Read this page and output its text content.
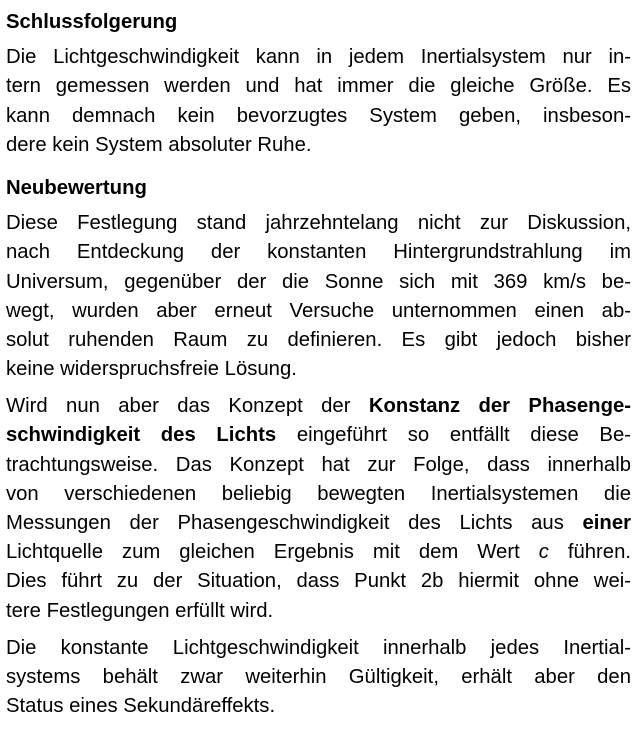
Schlussfolgerung
Die Lichtgeschwindigkeit kann in jedem Inertialsystem nur in-
tern gemessen werden und hat immer die gleiche Größe. Es
kann demnach kein bevorzugtes System geben, insbeson-
dere kein System absoluter Ruhe.
Neubewertung
Diese Festlegung stand jahrzehntelang nicht zur Diskussion,
nach Entdeckung der konstanten Hintergrundstrahlung im
Universum, gegenüber der die Sonne sich mit 369 km/s be-
wegt, wurden aber erneut Versuche unternommen einen ab-
solut ruhenden Raum zu definieren. Es gibt jedoch bisher
keine widerspruchsfreie Lösung.
Wird nun aber das Konzept der Konstanz der Phasenge-
schwindigkeit des Lichts eingeführt so entfällt diese Be-
trachtungsweise. Das Konzept hat zur Folge, dass innerhalb
von verschiedenen beliebig bewegten Inertialsystemen die
Messungen der Phasengeschwindigkeit des Lichts aus einer
Lichtquelle zum gleichen Ergebnis mit dem Wert c führen.
Dies führt zu der Situation, dass Punkt 2b hiermit ohne wei-
tere Festlegungen erfüllt wird.
Die konstante Lichtgeschwindigkeit innerhalb jedes Inertial-
systems behält zwar weiterhin Gültigkeit, erhält aber den
Status eines Sekundäreffekts.
